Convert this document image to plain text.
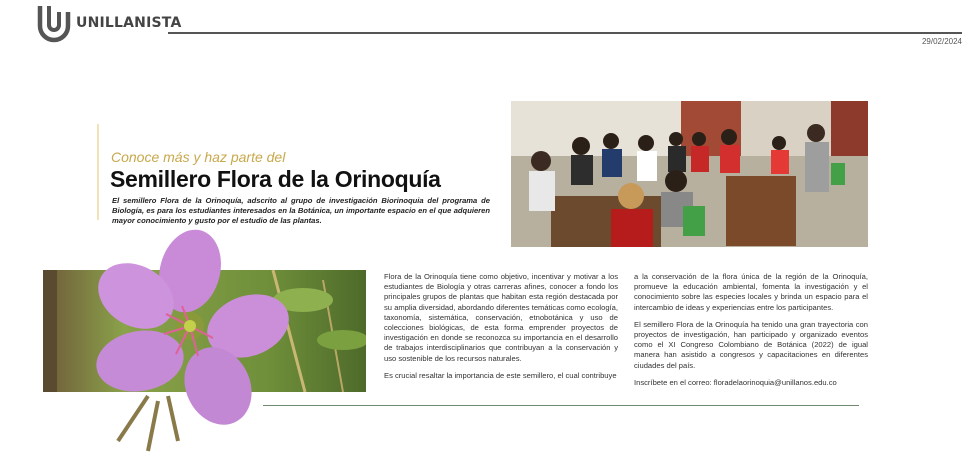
UNILLANISTA
29/02/2024
Conoce más y haz parte del
Semillero Flora de la Orinoquía

El semillero Flora de la Orinoquía, adscrito al grupo de investigación Biorinoquia del programa de Biología, es para los estudiantes interesados en la Botánica, un importante espacio en el que adquieren mayor conocimiento y gusto por el estudio de las plantas.

Flora de la Orinoquía tiene como objetivo, incentivar y motivar a los estudiantes de Biología y otras carreras afines, conocer a fondo los principales grupos de plantas que habitan esta región destacada por su amplia diversidad, abordando diferentes temáticas como ecología, taxonomía, sistemática, conservación, etnobotánica y uso de colecciones biológicas, de esta forma emprender proyectos de investigación en donde se reconozca su importancia en el desarrollo de trabajos interdisciplinarios que contribuyan a la conservación y uso sostenible de los recursos naturales.

Es crucial resaltar la importancia de este semillero, el cual contribuye

a la conservación de la flora única de la región de la Orinoquía, promueve la educación ambiental, fomenta la investigación y el conocimiento sobre las especies locales y brinda un espacio para el intercambio de ideas y experiencias entre los participantes.

El semillero Flora de la Orinoquía ha tenido una gran trayectoria con proyectos de investigación, han participado y organizado eventos como el XI Congreso Colombiano de Botánica (2022) de igual manera han asistido a congresos y capacitaciones en diferentes ciudades del país.

Inscríbete en el correo: floradelaorinoquia@unillanos.edu.co
